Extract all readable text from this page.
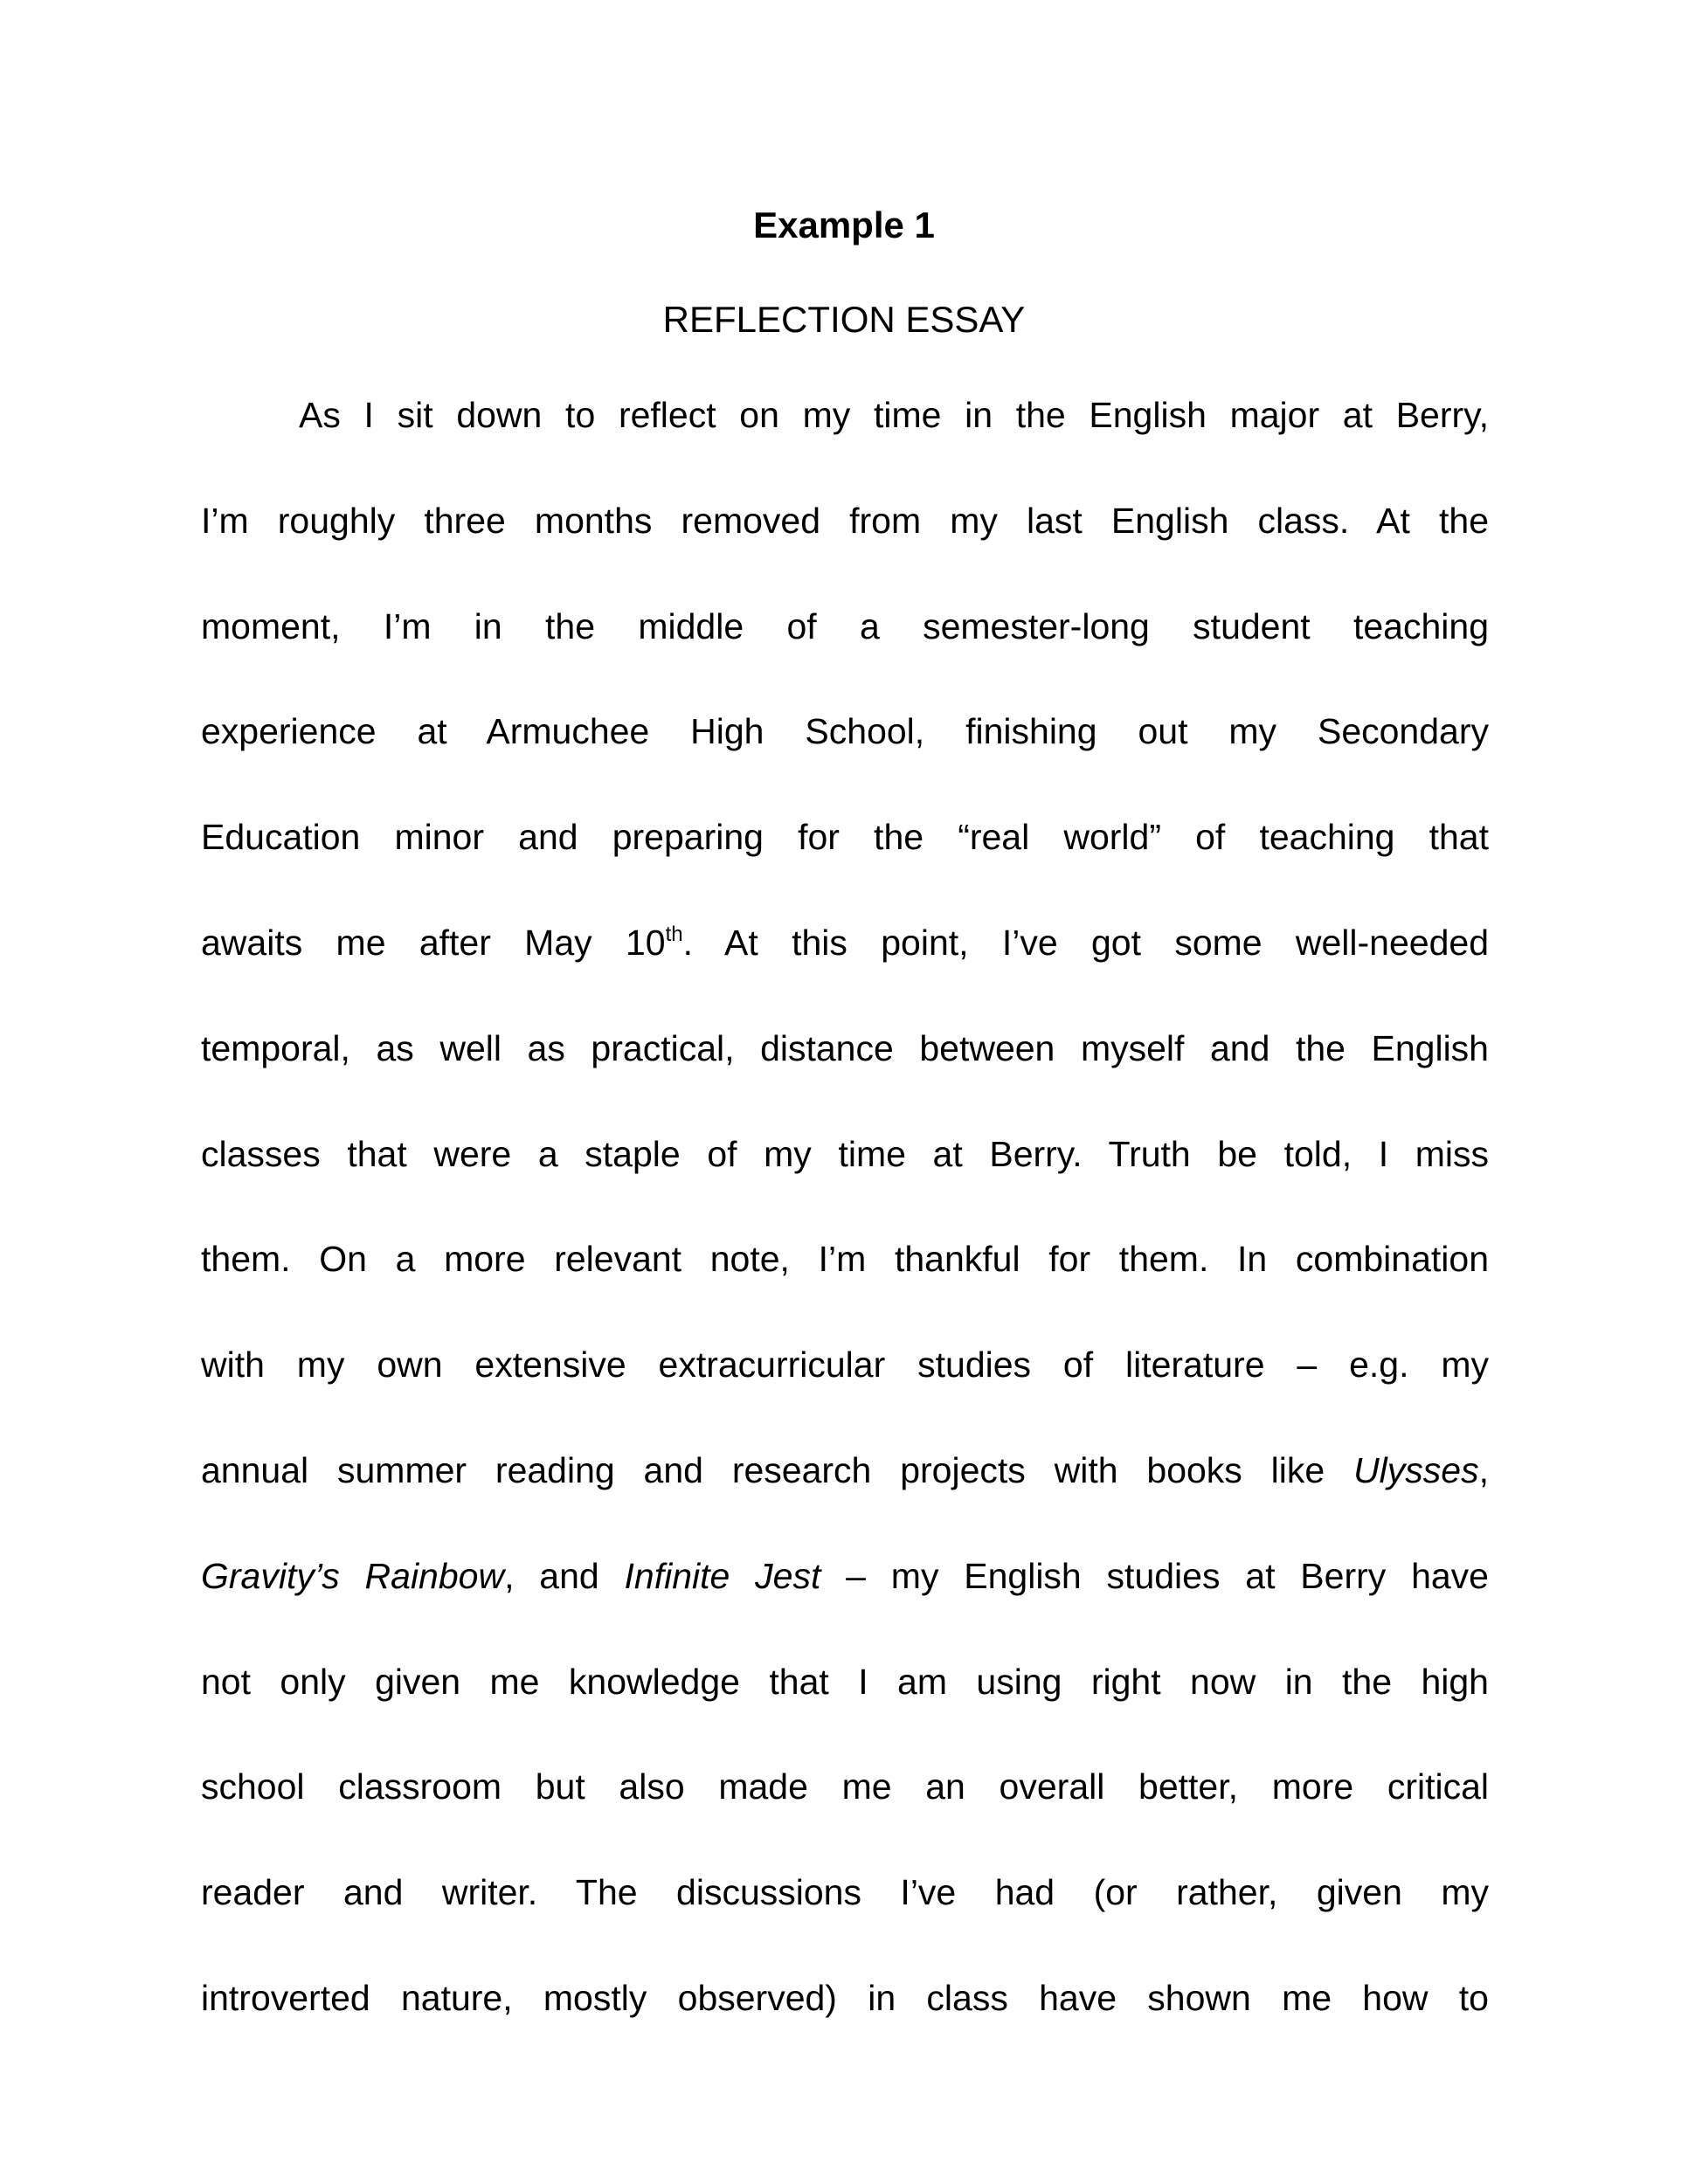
Example 1
REFLECTION ESSAY
As I sit down to reflect on my time in the English major at Berry,
I’m roughly three months removed from my last English class. At the
moment, I’m in the middle of a semester-long student teaching
experience at Armuchee High School, finishing out my Secondary
Education minor and preparing for the “real world” of teaching that
awaits me after May 10th. At this point, I’ve got some well-needed
temporal, as well as practical, distance between myself and the English
classes that were a staple of my time at Berry. Truth be told, I miss
them. On a more relevant note, I’m thankful for them. In combination
with my own extensive extracurricular studies of literature – e.g. my
annual summer reading and research projects with books like Ulysses,
Gravity’s Rainbow, and Infinite Jest – my English studies at Berry have
not only given me knowledge that I am using right now in the high
school classroom but also made me an overall better, more critical
reader and writer. The discussions I’ve had (or rather, given my
introverted nature, mostly observed) in class have shown me how to
